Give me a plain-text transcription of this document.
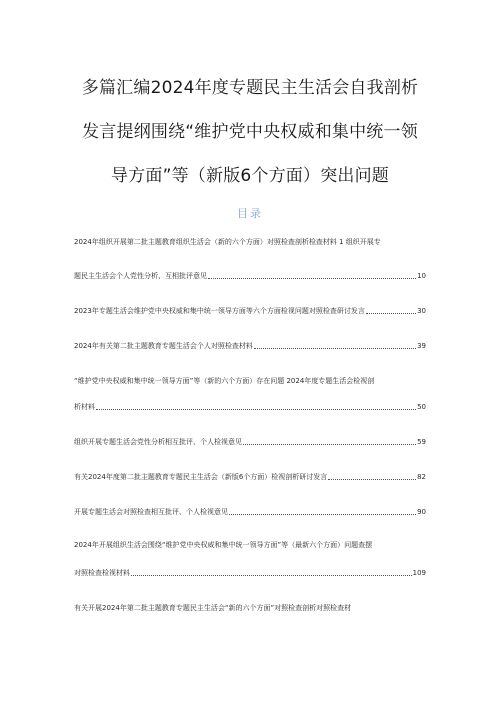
多篇汇编2024年度专题民主生活会自我剖析
发言提纲围绕“维护党中央权威和集中统一领
导方面”等（新版6个方面）突出问题
目录
2024年组织开展第二批主题教育组织生活会（新的六个方面）对照检查剖析检查材料 1 组织开展专
题民主生活会个人党性分析、互相批评意见	10
2023年专题生活会维护党中央权威和集中统一领导方面等六个方面检视问题对照检查研讨发言	30
2024年有关第二批主题教育专题生活会个人对照检查材料	39
“维护党中央权威和集中统一领导方面”等（新的六个方面）存在问题 2024年度专题生活会检视剖
析材料	50
组织开展专题生活会党性分析相互批评、个人检视意见	59
有关2024年度第二批主题教育专题民主生活会（新版6个方面）检视剖析研讨发言	82
开展专题生活会对照检查相互批评、个人检视意见	90
2024年开展组织生活会围绕“维护党中央权威和集中统一领导方面”等（最新六个方面）问题查摆
对照检查检视材料	109
有关开展2024年第二批主题教育专题民主生活会“新的六个方面”对照检查剖析对照检查材
